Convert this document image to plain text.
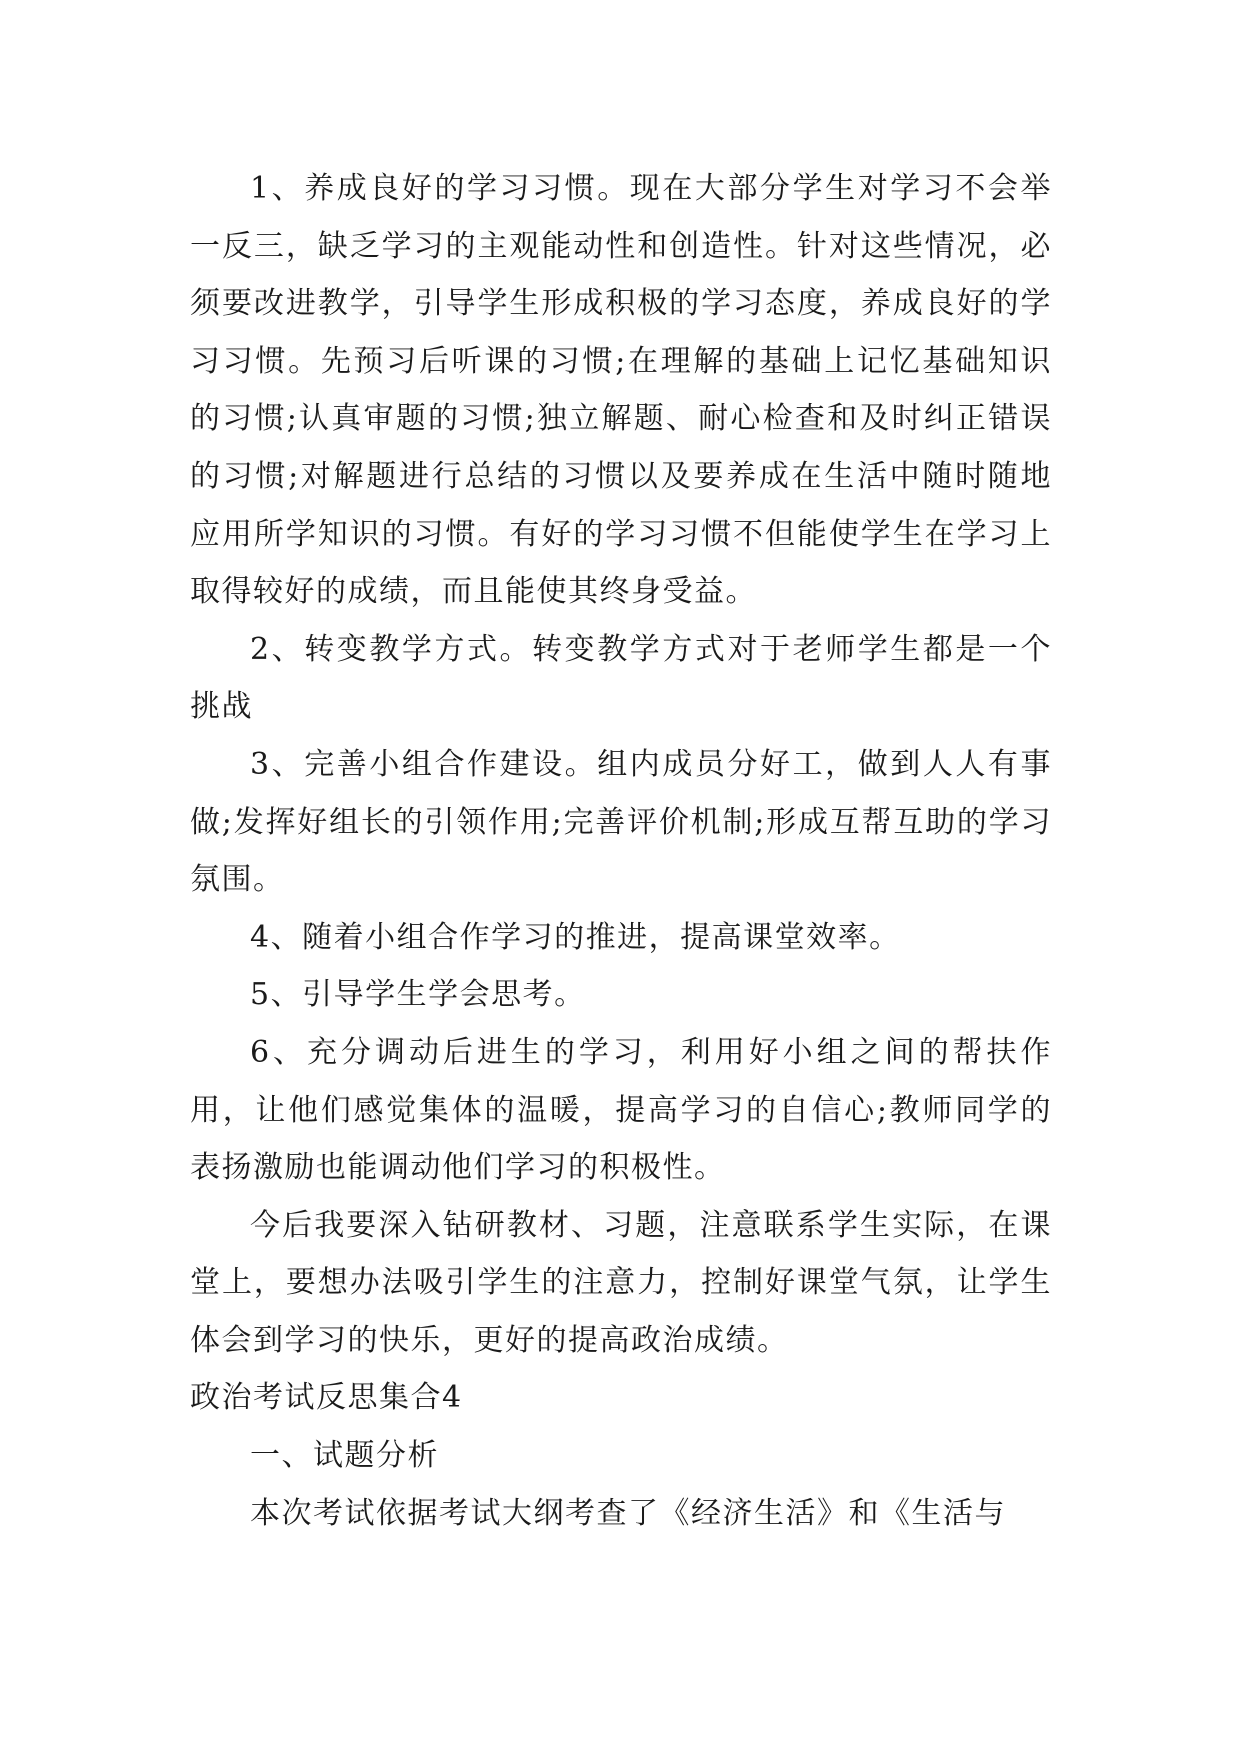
1、养成良好的学习习惯。现在大部分学生对学习不会举一反三，缺乏学习的主观能动性和创造性。针对这些情况，必须要改进教学，引导学生形成积极的学习态度，养成良好的学习习惯。先预习后听课的习惯;在理解的基础上记忆基础知识的习惯;认真审题的习惯;独立解题、耐心检查和及时纠正错误的习惯;对解题进行总结的习惯以及要养成在生活中随时随地应用所学知识的习惯。有好的学习习惯不但能使学生在学习上取得较好的成绩，而且能使其终身受益。

2、转变教学方式。转变教学方式对于老师学生都是一个挑战

3、完善小组合作建设。组内成员分好工，做到人人有事做;发挥好组长的引领作用;完善评价机制;形成互帮互助的学习氛围。

4、随着小组合作学习的推进，提高课堂效率。

5、引导学生学会思考。

6、充分调动后进生的学习，利用好小组之间的帮扶作用，让他们感觉集体的温暖，提高学习的自信心;教师同学的表扬激励也能调动他们学习的积极性。

今后我要深入钻研教材、习题，注意联系学生实际，在课堂上，要想办法吸引学生的注意力，控制好课堂气氛，让学生体会到学习的快乐，更好的提高政治成绩。

政治考试反思集合4

一、试题分析

本次考试依据考试大纲考查了《经济生活》和《生活与
